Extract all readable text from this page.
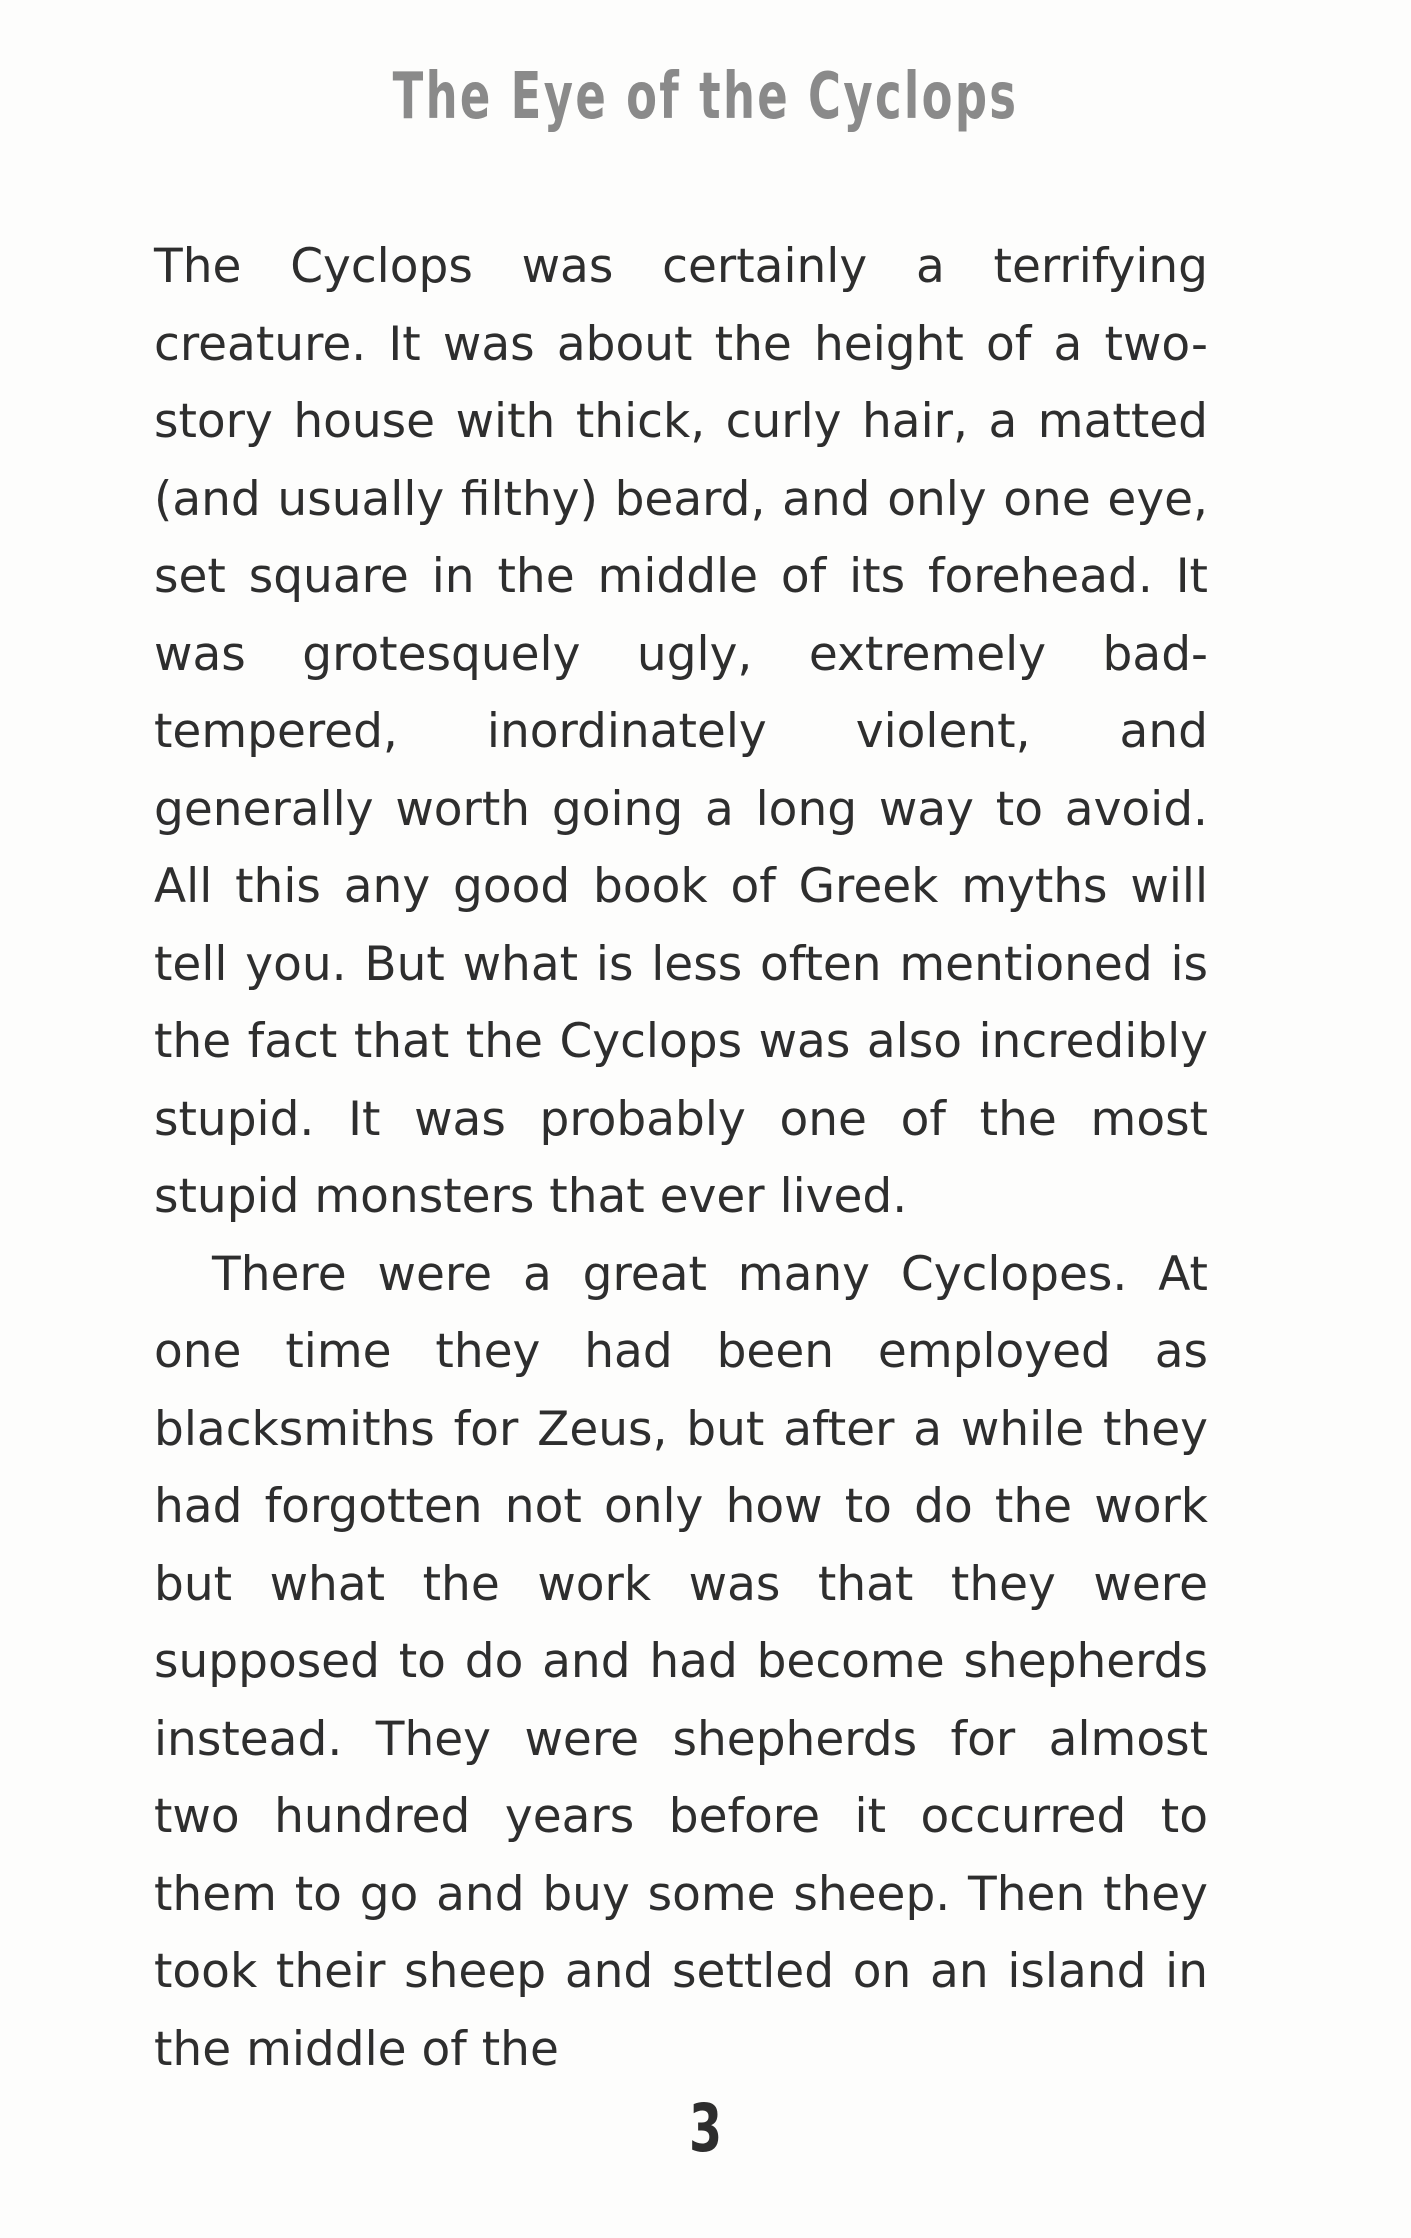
The Eye of the Cyclops

The Cyclops was certainly a terrifying creature. It was about the height of a two-story house with thick, curly hair, a matted (and usually filthy) beard, and only one eye, set square in the middle of its forehead. It was grotesquely ugly, extremely bad-tempered, inordinately violent, and generally worth going a long way to avoid. All this any good book of Greek myths will tell you. But what is less often mentioned is the fact that the Cyclops was also incredibly stupid. It was probably one of the most stupid monsters that ever lived.

There were a great many Cyclopes. At one time they had been employed as blacksmiths for Zeus, but after a while they had forgotten not only how to do the work but what the work was that they were supposed to do and had become shepherds instead. They were shepherds for almost two hundred years before it occurred to them to go and buy some sheep. Then they took their sheep and settled on an island in the middle of the

3
